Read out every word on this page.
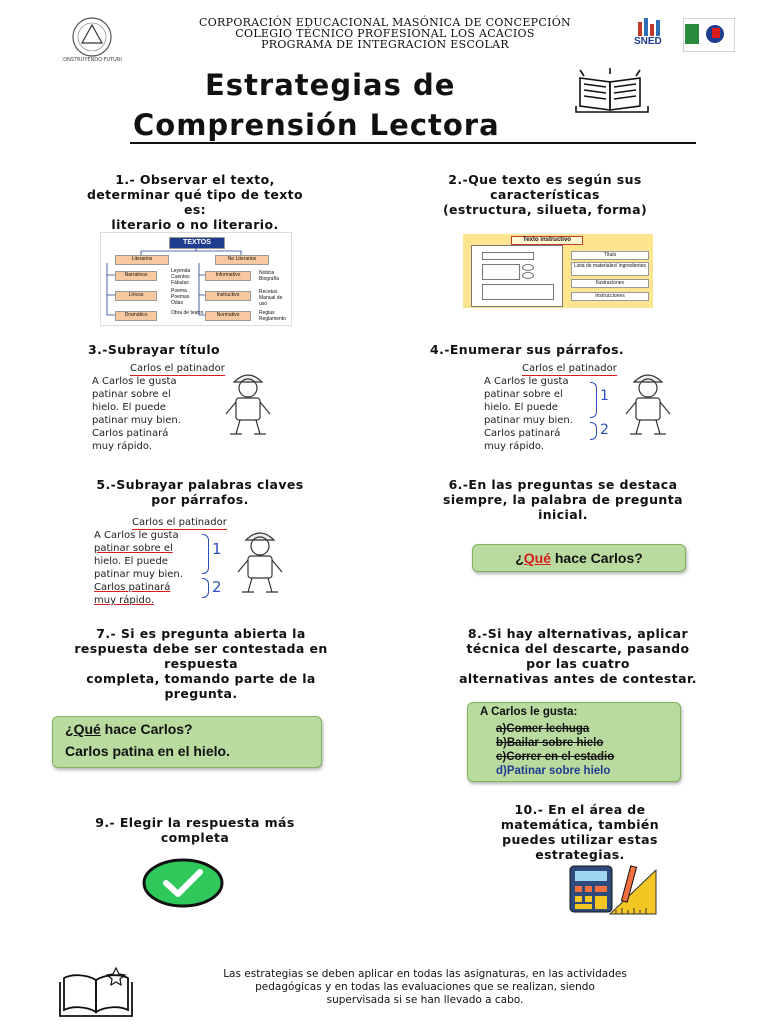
CONSTRUYENDO FUTURO
CORPORACIÓN EDUCACIONAL MASÓNICA DE CONCEPCIÓN
COLEGIO TÉCNICO PROFESIONAL LOS ACACIOS
PROGRAMA DE INTEGRACIÓN ESCOLAR	SNED
Estrategias de
Comprensión Lectora
1.- Observar el texto,
determinar qué tipo de texto
es:
literario o no literario.
TEXTOS
Literarios	No Literarios
Narrativos
Líricos
Dramático
Informativo
Instructivo
Normativo
Leyenda
Cuentos
Fábulas
Poema
Poemas
Odas
Obra de teatro
Noticia
Biografía
Recetas
Manual de uso
Reglas
Reglamento
2.-Que texto es según sus
características
(estructura, silueta, forma)
Texto instructivo
Título
Lista de materiales/ ingredientes
Ilustraciones
Instrucciones
3.-Subrayar título
Carlos el patinador
A Carlos le gusta
patinar sobre el
hielo. El puede
patinar muy bien.
Carlos patinará
muy rápido.
4.-Enumerar sus párrafos.
Carlos el patinador
A Carlos le gusta
patinar sobre el
hielo. El puede
patinar muy bien.
Carlos patinará
muy rápido.
1
2
5.-Subrayar palabras claves
por párrafos.
Carlos el patinador
A Carlos le gusta
patinar sobre el
hielo. El puede
patinar muy bien.
Carlos patinará
muy rápido.
1
2
6.-En las preguntas se destaca
siempre, la palabra de pregunta
inicial.
¿Qué hace Carlos?
7.- Si es pregunta abierta la
respuesta debe ser contestada en
respuesta
completa, tomando parte de la
pregunta.
¿Qué hace Carlos?
Carlos patina en el hielo.
8.-Si hay alternativas, aplicar
técnica del descarte, pasando
por las cuatro
alternativas antes de contestar.
A Carlos le gusta:
a)Comer lechuga
b)Bailar sobre hielo
c)Correr en el estadio
d)Patinar sobre hielo
9.- Elegir la respuesta más
completa
10.- En el área de
matemática, también
puedes utilizar estas
estrategias.
Las estrategias se deben aplicar en todas las asignaturas, en las actividades
pedagógicas y en todas las evaluaciones que se realizan, siendo
supervisada si se han llevado a cabo.
